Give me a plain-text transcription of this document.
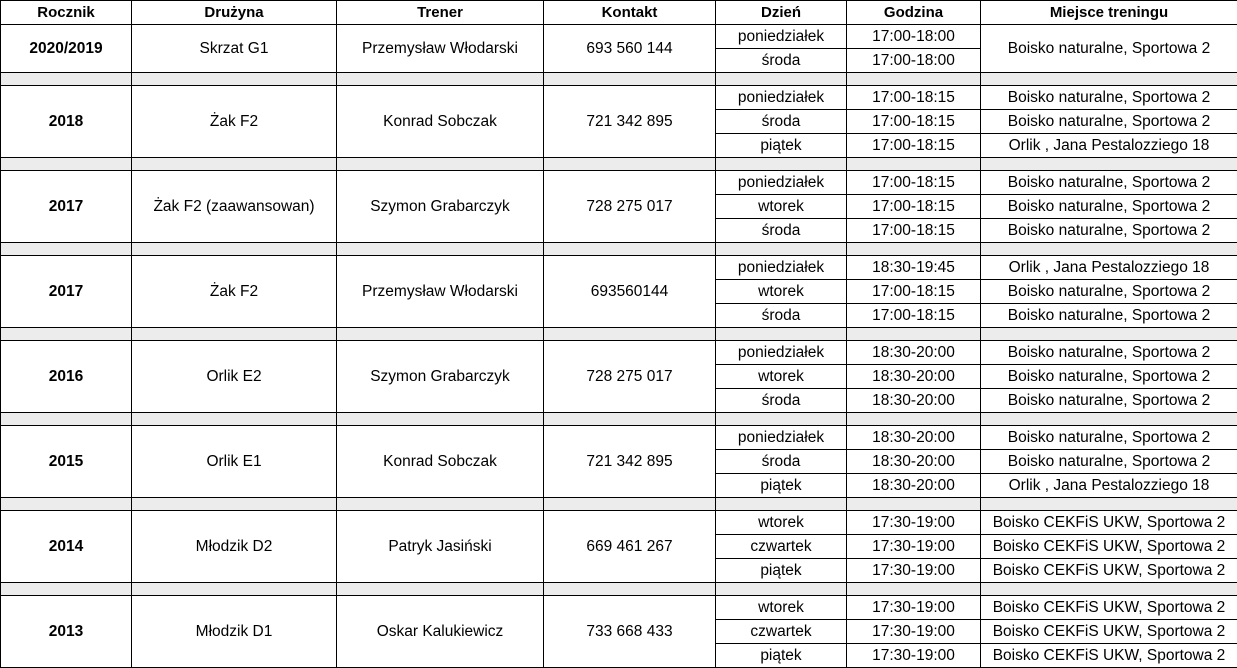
Rocznik	Drużyna	Trener	Kontakt	Dzień	Godzina	Miejsce treningu
2020/2019	Skrzat G1	Przemysław Włodarski	693 560 144	poniedziałek	17:00-18:00	Boisko naturalne, Sportowa 2
				środa	17:00-18:00	

2018	Żak F2	Konrad Sobczak	721 342 895	poniedziałek	17:00-18:15	Boisko naturalne, Sportowa 2
				środa	17:00-18:15	Boisko naturalne, Sportowa 2
				piątek	17:00-18:15	Orlik , Jana Pestalozziego 18

2017	Żak F2 (zaawansowan)	Szymon Grabarczyk	728 275 017	poniedziałek	17:00-18:15	Boisko naturalne, Sportowa 2
				wtorek	17:00-18:15	Boisko naturalne, Sportowa 2
				środa	17:00-18:15	Boisko naturalne, Sportowa 2

2017	Żak F2	Przemysław Włodarski	693560144	poniedziałek	18:30-19:45	Orlik , Jana Pestalozziego 18
				wtorek	17:00-18:15	Boisko naturalne, Sportowa 2
				środa	17:00-18:15	Boisko naturalne, Sportowa 2

2016	Orlik E2	Szymon Grabarczyk	728 275 017	poniedziałek	18:30-20:00	Boisko naturalne, Sportowa 2
				wtorek	18:30-20:00	Boisko naturalne, Sportowa 2
				środa	18:30-20:00	Boisko naturalne, Sportowa 2

2015	Orlik E1	Konrad Sobczak	721 342 895	poniedziałek	18:30-20:00	Boisko naturalne, Sportowa 2
				środa	18:30-20:00	Boisko naturalne, Sportowa 2
				piątek	18:30-20:00	Orlik , Jana Pestalozziego 18

2014	Młodzik D2	Patryk Jasiński	669 461 267	wtorek	17:30-19:00	Boisko CEKFiS UKW, Sportowa 2
				czwartek	17:30-19:00	Boisko CEKFiS UKW, Sportowa 2
				piątek	17:30-19:00	Boisko CEKFiS UKW, Sportowa 2

2013	Młodzik D1	Oskar Kalukiewicz	733 668 433	wtorek	17:30-19:00	Boisko CEKFiS UKW, Sportowa 2
				czwartek	17:30-19:00	Boisko CEKFiS UKW, Sportowa 2
				piątek	17:30-19:00	Boisko CEKFiS UKW, Sportowa 2
